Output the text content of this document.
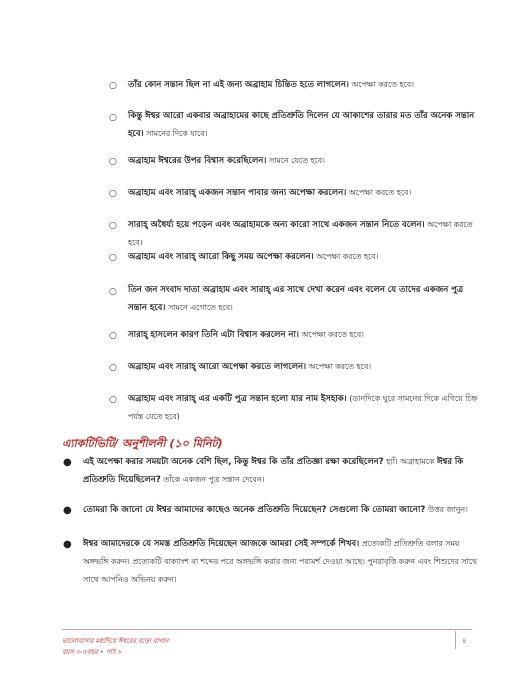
○ তাঁর কোন সন্তান ছিল না এই জন্য অব্রাহাম চিন্তিত হতে লাগলেন। অপেক্ষা করতে হবে।
○ কিন্তু ঈশ্বর আরো একবার অব্রাহামের কাছে প্রতিশ্রুতি দিলেন যে আকাশের তারার মত তাঁর অনেক সন্তান হবে। সামনের দিকে যাবে।
○ অব্রাহাম ঈশ্বরের উপর বিশ্বাস করেছিলেন। সামনে যেতে হবে।
○ অব্রাহাম এবং সারাহ্ একজন সন্তান পাবার জন্য অপেক্ষা করলেন। অপেক্ষা করতে হবে।
○ সারাহ্ অধৈর্য্য হয়ে পড়েন এবং অব্রাহামকে অন্য কারো সাথে একজন সন্তান নিতে বলেন। অপেক্ষা করতে হবে।
○ অব্রাহাম এবং সারাহ্ আরো কিছু সময় অপেক্ষা করলেন। অপেক্ষা করতে হবে।
○ তিন জন সংবাদ দাতা অব্রাহাম এবং সারাহ্ এর সাথে দেখা করেন এবং বলেন যে তাদের একজন পুত্র সন্তান হবে। সামনে এগোতে হবে।
○ সারাহ্ হাসলেন কারণ তিনি এটা বিশ্বাস করলেন না। অপেক্ষা করতে হবে।
○ অব্রাহাম এবং সারাহ্ আরো অপেক্ষা করতে লাগলেন। অপেক্ষা করতে হবে।
○ অব্রাহাম এবং সারাহ্ এর একটি পুত্র সন্তান হলো যার নাম ইসহাক। (ডানদিকে ঘুরে সামনের দিকে এগিয়ে চিহ্ন পর্যন্ত যেতে হবে)
এ্যাকটিভিটি/ অনুশীলনী (১০ মিনিট)
● এই অপেক্ষা করার সময়টা অনেক বেশি ছিল, কিন্তু ঈশ্বর কি তাঁর প্রতিজ্ঞা রক্ষা করেছিলেন? হ্যাঁ। অব্রাহামকে ঈশ্বর কি প্রতিশ্রুতি দিয়েছিলেন? তাঁকে একজন পুত্র সন্তান দেবেন।
● তোমরা কি জানো যে ঈশ্বর আমাদের কাছেও অনেক প্রতিশ্রুতি দিয়েছেন? সেগুলো কি তোমরা জানো? উত্তর জানুন।
● ঈশ্বর আমাদেরকে যে সমস্ত প্রতিশ্রুতি দিয়েছেন আজকে আমরা সেই সম্পর্কে শিখব। প্রত্যেকটি প্রতিশ্রুতি বলার সময় অঙ্গভঙ্গি করুন। প্রত্যেকটি বাক্যাংশ বা শব্দের পরে অঙ্গভঙ্গি করার জন্য পরামর্শ দেওয়া আছে। পুনরাবৃত্তি করুন এবং শিশুদের সাথে সাথে আপনিও অভিনয় করুন।
ভালোবাসার মধ্যদিয়ে ঈশ্বরের বড়ো বাগান
বয়স ৩-৫বছর • পাঠ ৮
৪
